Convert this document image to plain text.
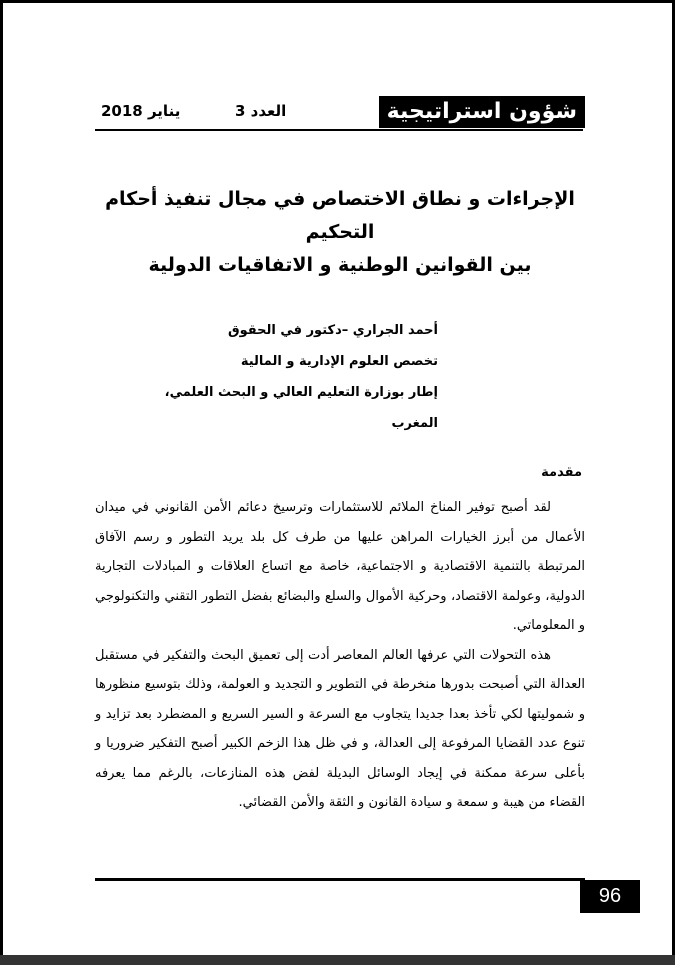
شؤون استراتيجية
العدد 3
يناير 2018
الإجراءات و نطاق الاختصاص في مجال تنفيذ أحكام التحكيم
بين القوانين الوطنية و الاتفاقيات الدولية
أحمد الجراري –دكتور في الحقوق
تخصص العلوم الإدارية و المالية
إطار بوزارة التعليم العالي و البحث العلمي، المغرب
مقدمة

لقد أصبح توفير المناخ الملائم للاستثمارات وترسيخ دعائم الأمن القانوني في ميدان الأعمال من أبرز الخيارات المراهن عليها من طرف كل بلد يريد التطور و رسم الآفاق المرتبطة بالتنمية الاقتصادية و الاجتماعية، خاصة مع اتساع العلاقات و المبادلات التجارية الدولية، وعولمة الاقتصاد، وحركية الأموال والسلع والبضائع بفضل التطور التقني والتكنولوجي و المعلوماتي.

هذه التحولات التي عرفها العالم المعاصر أدت إلى تعميق البحث والتفكير في مستقبل العدالة التي أصبحت بدورها منخرطة في التطوير و التجديد و العولمة، وذلك بتوسيع منظورها و شموليتها لكي تأخذ بعدا جديدا يتجاوب مع السرعة و السير السريع و المضطرد بعد تزايد و تنوع عدد القضايا المرفوعة إلى العدالة، و في ظل هذا الزخم الكبير أصبح التفكير ضروريا و بأعلى سرعة ممكنة في إيجاد الوسائل البديلة لفض هذه المنازعات، بالرغم مما يعرفه القضاء من هيبة و سمعة و سيادة القانون و الثقة والأمن القضائي.

96
